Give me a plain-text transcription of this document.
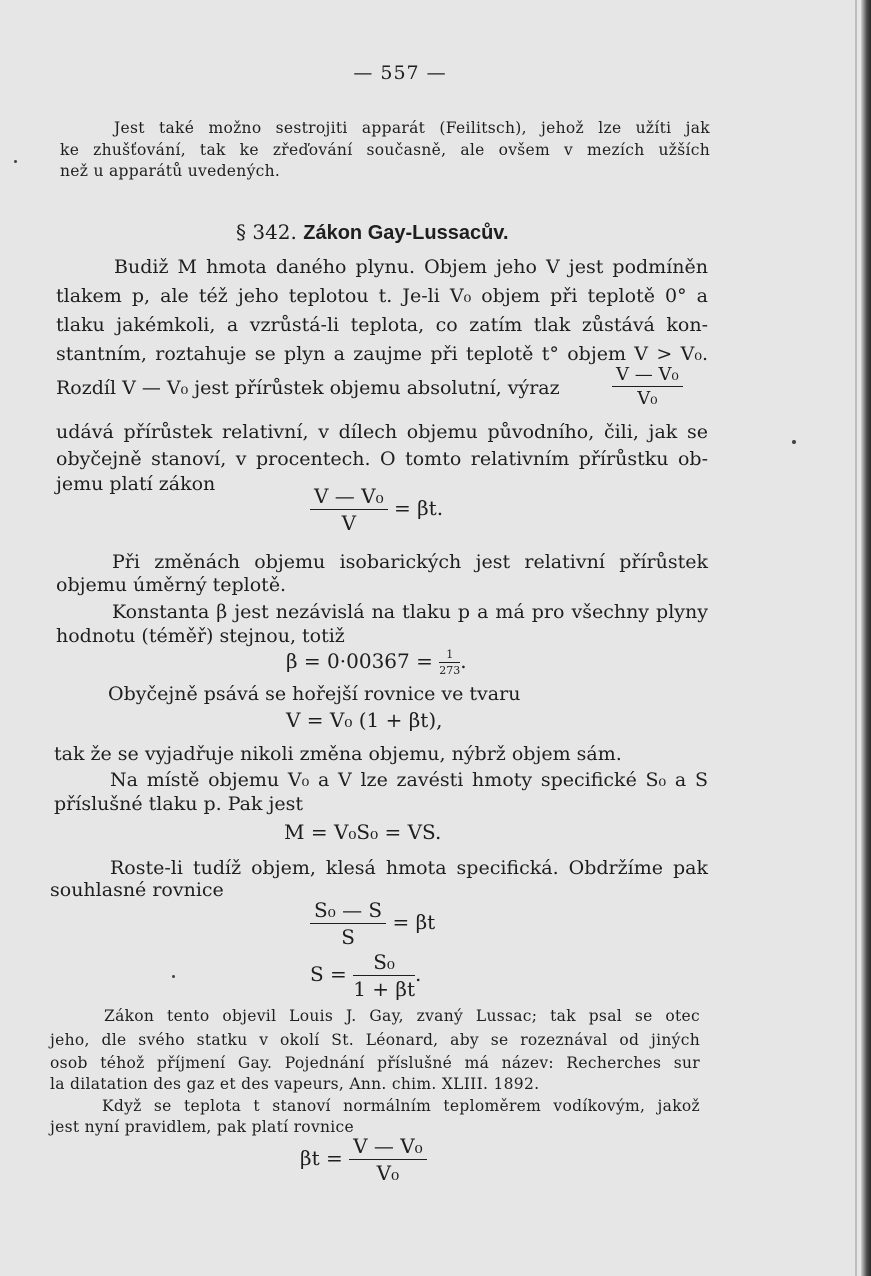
— 557 —
Jest také možno sestrojiti apparát (Feilitsch), jehož lze užíti jak
ke zhušťování, tak ke zřeďování současně, ale ovšem v mezích užších
než u apparátů uvedených.
§ 342. Zákon Gay-Lussacův.
Budiž M hmota daného plynu. Objem jeho V jest podmíněn
tlakem p, ale též jeho teplotou t. Je-li V₀ objem při teplotě 0° a
tlaku jakémkoli, a vzrůstá-li teplota, co zatím tlak zůstává kon-
stantním, roztahuje se plyn a zaujme při teplotě t° objem V > V₀.
Rozdíl V — V₀ jest přírůstek objemu absolutní, výraz	$\frac{\text{V — V₀}}{\text{V₀}}$
udává přírůstek relativní, v dílech objemu původního, čili, jak se
obyčejně stanoví, v procentech. O tomto relativním přírůstku ob-
jemu platí zákon	$\frac{\text{V — V₀}}{V} = \beta t$.
Při změnách objemu isobarických jest relativní přírůstek
objemu úměrný teplotě.
Konstanta β jest nezávislá na tlaku p a má pro všechny plyny
hodnotu (téměř) stejnou, totiž
$\beta = 0\cdot 00367 = \frac{1}{273}$ .
Obyčejně psává se hořejší rovnice ve tvaru
V = V₀ (1 + βt),
tak že se vyjadřuje nikoli změna objemu, nýbrž objem sám.
Na místě objemu V₀ a V lze zavésti hmoty specifické S₀ a S
příslušné tlaku p. Pak jest
M = V₀S₀ = VS.
Roste-li tudíž objem, klesá hmota specifická. Obdržíme pak
souhlasné rovnice
$\frac{\text{S₀ — S}}{S} = \beta t$
$S = \frac{\text{S₀}}{1 + \beta t}$ .
Zákon tento objevil Louis J. Gay, zvaný Lussac; tak psal se otec
jeho, dle svého statku v okolí St. Léonard, aby se rozeznával od jiných
osob téhož příjmení Gay. Pojednání příslušné má název: Recherches sur
la dilatation des gaz et des vapeurs, Ann. chim. XLIII. 1892.
Když se teplota t stanoví normálním teploměrem vodíkovým, jakož
jest nyní pravidlem, pak platí rovnice
$\beta t = \frac{\text{V — V₀}}{\text{V₀}}$
